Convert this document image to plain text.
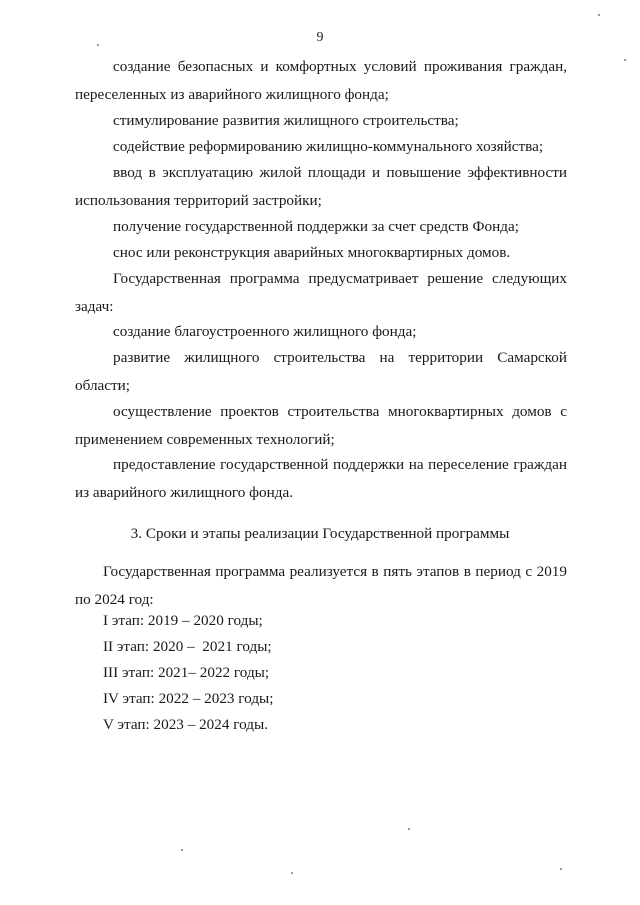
9

создание безопасных и комфортных условий проживания граждан, переселенных из аварийного жилищного фонда;

стимулирование развития жилищного строительства;

содействие реформированию жилищно-коммунального хозяйства;

ввод в эксплуатацию жилой площади и повышение эффективности использования территорий застройки;

получение государственной поддержки за счет средств Фонда;

снос или реконструкция аварийных многоквартирных домов.

Государственная программа предусматривает решение следующих задач:

создание благоустроенного жилищного фонда;

развитие жилищного строительства на территории Самарской области;

осуществление проектов строительства многоквартирных домов с применением современных технологий;

предоставление государственной поддержки на переселение граждан из аварийного жилищного фонда.

3. Сроки и этапы реализации Государственной программы

Государственная программа реализуется в пять этапов в период с 2019 по 2024 год:

I этап: 2019 – 2020 годы;

II этап: 2020 –  2021 годы;

III этап: 2021– 2022 годы;

IV этап: 2022 – 2023 годы;

V этап: 2023 – 2024 годы.
